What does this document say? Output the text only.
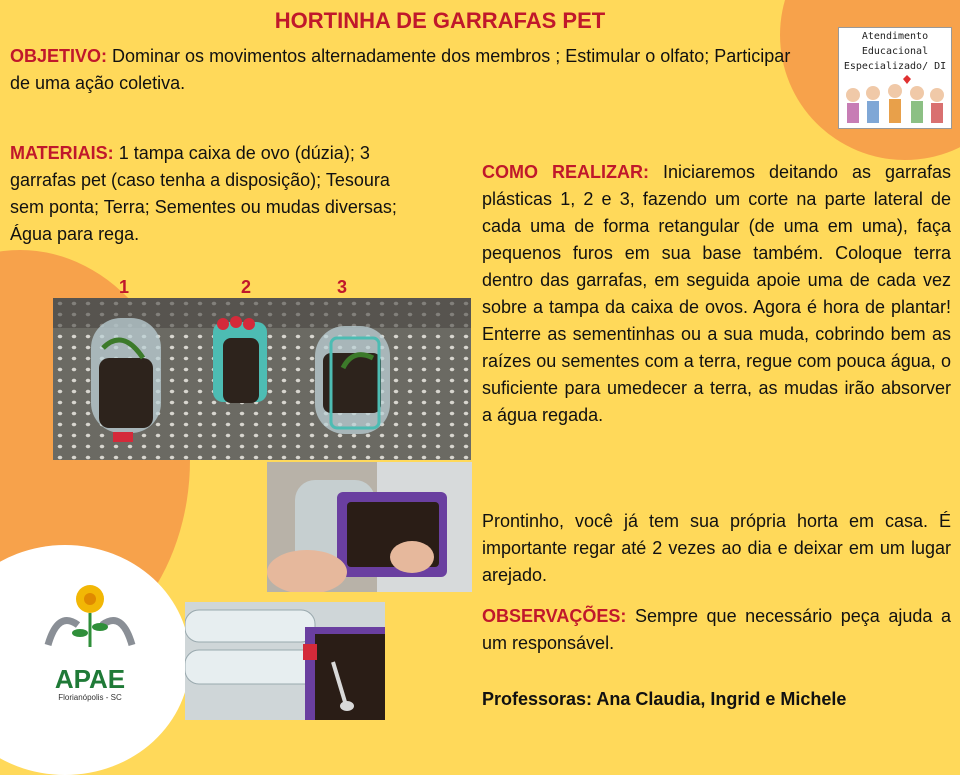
HORTINHA DE GARRAFAS PET
OBJETIVO: Dominar os movimentos alternadamente dos membros ; Estimular o olfato; Participar de uma ação coletiva.
MATERIAIS: 1 tampa caixa de ovo (dúzia); 3 garrafas pet (caso tenha a disposição); Tesoura sem ponta; Terra; Sementes ou mudas diversas; Água para rega.
1	2	3
APAE
Florianópolis - SC
Atendimento
Educacional
Especializado/ DI
COMO REALIZAR: Iniciaremos deitando as garrafas plásticas 1, 2 e 3, fazendo um corte na parte lateral de cada uma de forma retangular (de uma em uma), faça pequenos furos em sua base também. Coloque terra dentro das garrafas, em seguida apoie uma de cada vez sobre a tampa da caixa de ovos. Agora é hora de plantar! Enterre as sementinhas ou a sua muda, cobrindo bem as raízes ou sementes com a terra, regue com pouca água, o suficiente para umedecer a terra, as mudas irão absorver a água regada.
Prontinho, você já tem sua própria horta em casa. É importante regar até 2 vezes ao dia e deixar em um lugar arejado.
OBSERVAÇÕES: Sempre que necessário peça ajuda a um responsável.
Professoras: Ana Claudia, Ingrid e Michele
